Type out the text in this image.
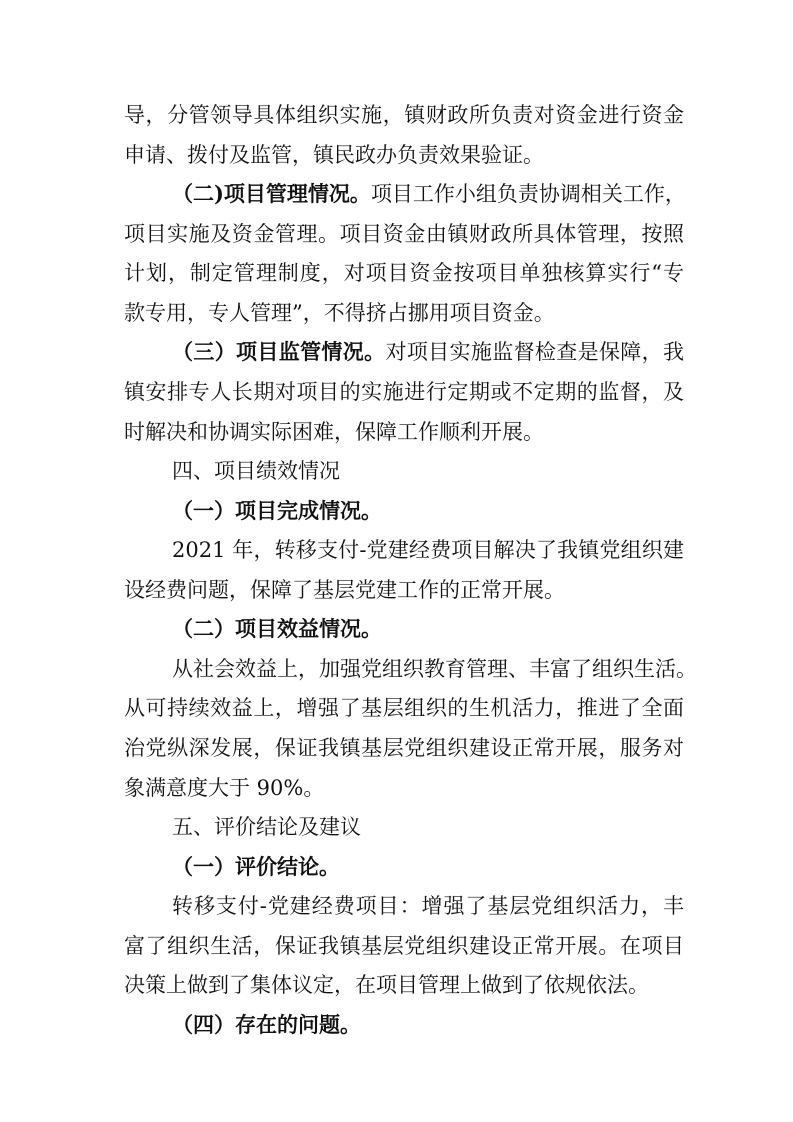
导，分管领导具体组织实施，镇财政所负责对资金进行资金
申请、拨付及监管，镇民政办负责效果验证。
（二)项目管理情况。项目工作小组负责协调相关工作，
项目实施及资金管理。项目资金由镇财政所具体管理，按照
计划，制定管理制度，对项目资金按项目单独核算实行“专
款专用，专人管理”，不得挤占挪用项目资金。
（三）项目监管情况。对项目实施监督检查是保障，我
镇安排专人长期对项目的实施进行定期或不定期的监督，及
时解决和协调实际困难，保障工作顺利开展。
四、项目绩效情况
（一）项目完成情况。
2021 年，转移支付-党建经费项目解决了我镇党组织建
设经费问题，保障了基层党建工作的正常开展。
（二）项目效益情况。
从社会效益上，加强党组织教育管理、丰富了组织生活。
从可持续效益上，增强了基层组织的生机活力，推进了全面
治党纵深发展，保证我镇基层党组织建设正常开展，服务对
象满意度大于 90%。
五、评价结论及建议
（一）评价结论。
转移支付-党建经费项目：增强了基层党组织活力，丰
富了组织生活，保证我镇基层党组织建设正常开展。在项目
决策上做到了集体议定，在项目管理上做到了依规依法。
（四）存在的问题。
